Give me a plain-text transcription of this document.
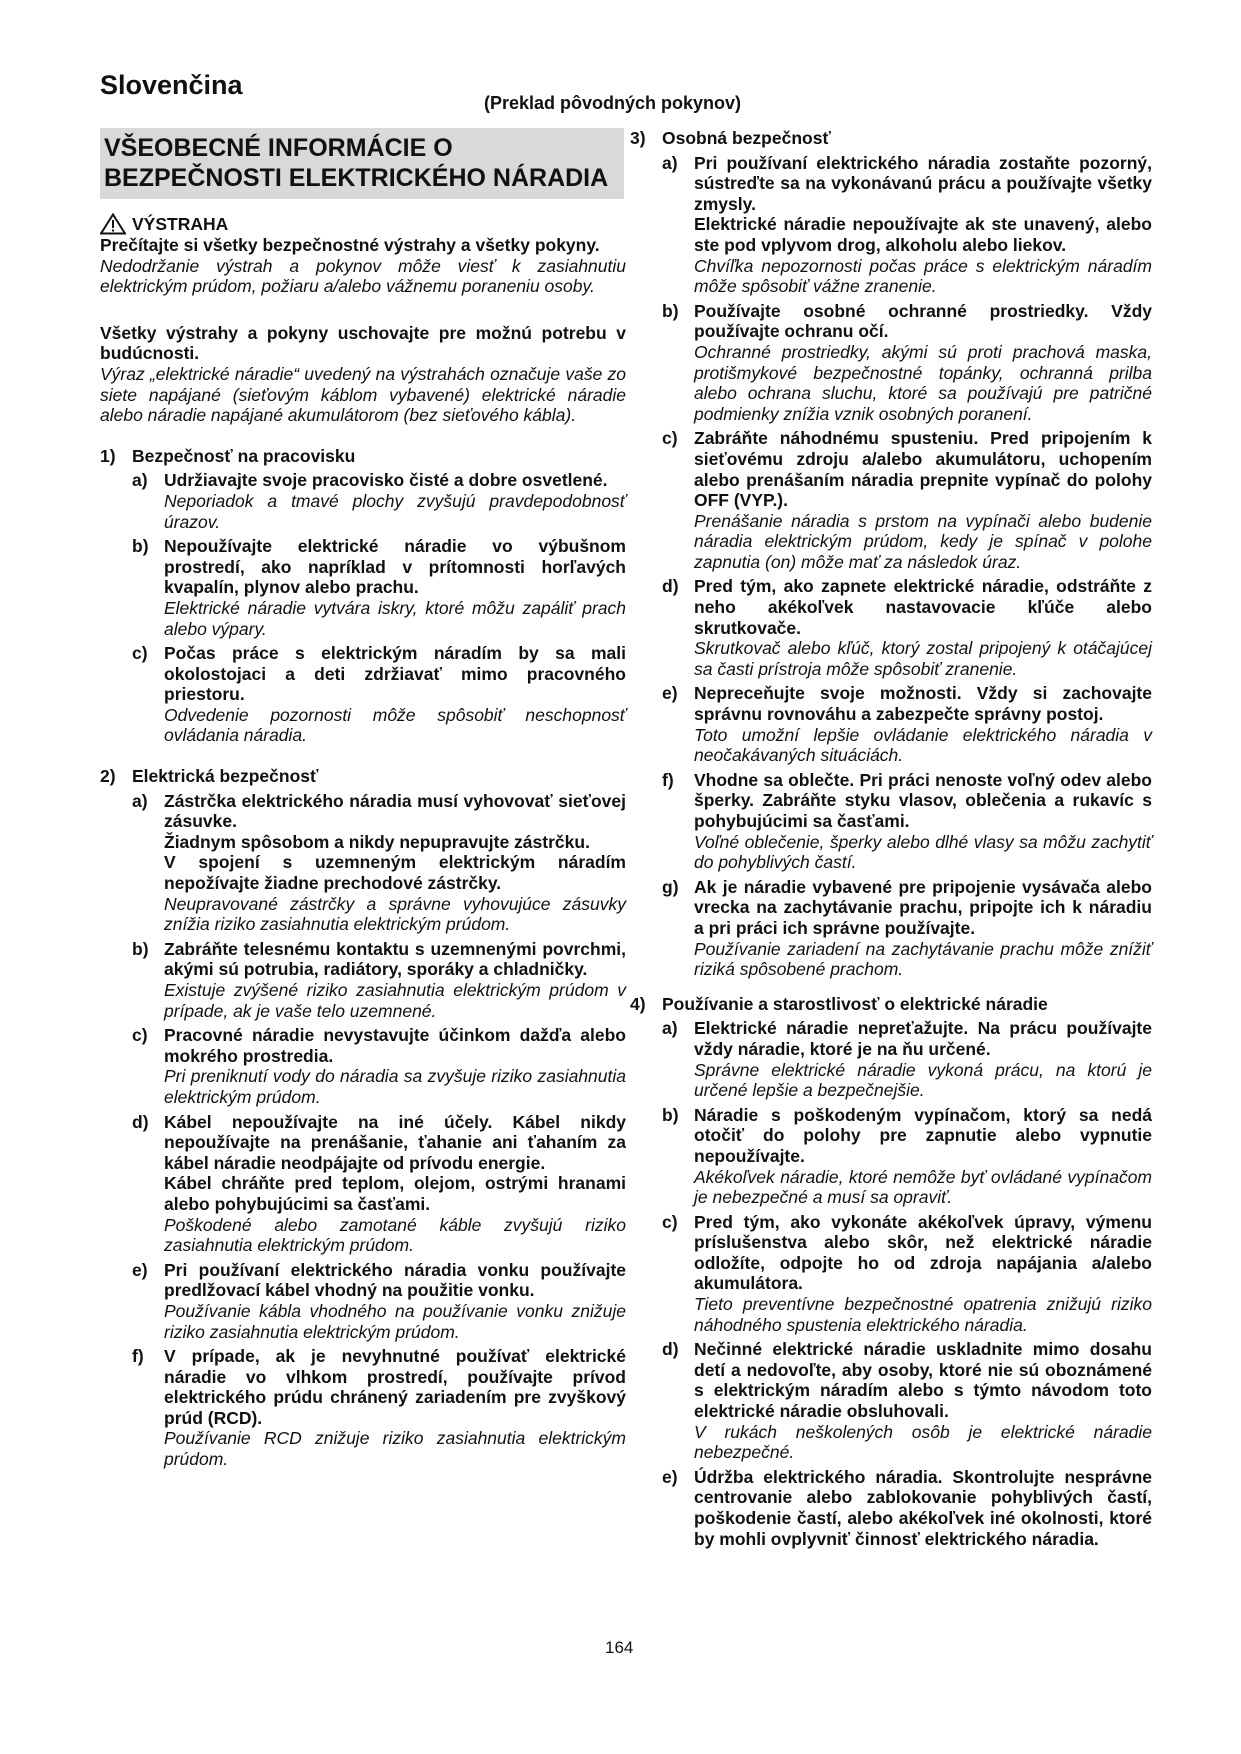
Slovenčina
(Preklad pôvodných pokynov)
VŠEOBECNÉ INFORMÁCIE O BEZPEČNOSTI ELEKTRICKÉHO NÁRADIA
VÝSTRAHA

Prečítajte si všetky bezpečnostné výstrahy a všetky pokyny.

Nedodržanie výstrah a pokynov môže viesť k zasiahnutiu elektrickým prúdom, požiaru a/alebo vážnemu poraneniu osoby.

Všetky výstrahy a pokyny uschovajte pre možnú potrebu v budúcnosti.

Výraz „elektrické náradie“ uvedený na výstrahách označuje vaše zo siete napájané (sieťovým káblom vybavené) elektrické náradie alebo náradie napájané akumulátorom (bez sieťového kábla).

1) Bezpečnosť na pracovisku
a) Udržiavajte svoje pracovisko čisté a dobre osvetlené.

Neporiadok a tmavé plochy zvyšujú pravdepodobnosť úrazov.

b) Nepoužívajte elektrické náradie vo výbušnom prostredí, ako napríklad v prítomnosti horľavých kvapalín, plynov alebo prachu.

Elektrické náradie vytvára iskry, ktoré môžu zapáliť prach alebo výpary.

c) Počas práce s elektrickým náradím by sa mali okolostojaci a deti zdržiavať mimo pracovného priestoru.

Odvedenie pozornosti môže spôsobiť neschopnosť ovládania náradia.

2) Elektrická bezpečnosť
a) Zástrčka elektrického náradia musí vyhovovať sieťovej zásuvke.

Žiadnym spôsobom a nikdy nepupravujte zástrčku.

V spojení s uzemneným elektrickým náradím nepožívajte žiadne prechodové zástrčky.

Neupravované zástrčky a správne vyhovujúce zásuvky znížia riziko zasiahnutia elektrickým prúdom.

b) Zabráňte telesnému kontaktu s uzemnenými povrchmi, akými sú potrubia, radiátory, sporáky a chladničky.

Existuje zvýšené riziko zasiahnutia elektrickým prúdom v prípade, ak je vaše telo uzemnené.

c) Pracovné náradie nevystavujte účinkom dažďa alebo mokrého prostredia.

Pri preniknutí vody do náradia sa zvyšuje riziko zasiahnutia elektrickým prúdom.

d) Kábel nepoužívajte na iné účely. Kábel nikdy nepoužívajte na prenášanie, ťahanie ani ťahaním za kábel náradie neodpájajte od prívodu energie.

Kábel chráňte pred teplom, olejom, ostrými hranami alebo pohybujúcimi sa časťami.

Poškodené alebo zamotané káble zvyšujú riziko zasiahnutia elektrickým prúdom.

e) Pri používaní elektrického náradia vonku používajte predlžovací kábel vhodný na použitie vonku.

Používanie kábla vhodného na používanie vonku znižuje riziko zasiahnutia elektrickým prúdom.

f)	V prípade, ak je nevyhnutné používať elektrické náradie vo vlhkom prostredí, používajte prívod elektrického prúdu chránený zariadením pre zvyškový prúd (RCD).

Používanie RCD znižuje riziko zasiahnutia elektrickým prúdom.

3) Osobná bezpečnosť
a) Pri používaní elektrického náradia zostaňte pozorný, sústreďte sa na vykonávanú prácu a používajte všetky zmysly.

Elektrické náradie nepoužívajte ak ste unavený, alebo ste pod vplyvom drog, alkoholu alebo liekov.

Chvíľka nepozornosti počas práce s elektrickým náradím môže spôsobiť vážne zranenie.

b) Používajte osobné ochranné prostriedky. Vždy používajte ochranu očí.

Ochranné prostriedky, akými sú proti prachová maska, protišmykové bezpečnostné topánky, ochranná prilba alebo ochrana sluchu, ktoré sa používajú pre patričné podmienky znížia vznik osobných poranení.

c) Zabráňte náhodnému spusteniu. Pred pripojením k sieťovému zdroju a/alebo akumulátoru, uchopením alebo prenášaním náradia prepnite vypínač do polohy OFF (VYP.).

Prenášanie náradia s prstom na vypínači alebo budenie náradia elektrickým prúdom, kedy je spínač v polohe zapnutia (on) môže mať za následok úraz.

d) Pred tým, ako zapnete elektrické náradie, odstráňte z neho akékoľvek nastavovacie kľúče alebo skrutkovače.

Skrutkovač alebo kľúč, ktorý zostal pripojený k otáčajúcej sa časti prístroja môže spôsobiť zranenie.

e) Nepreceňujte svoje možnosti. Vždy si zachovajte správnu rovnováhu a zabezpečte správny postoj.

Toto umožní lepšie ovládanie elektrického náradia v neočakávaných situáciách.

f)	Vhodne sa oblečte. Pri práci nenoste voľný odev alebo šperky. Zabráňte styku vlasov, oblečenia a rukavíc s pohybujúcimi sa časťami.

Voľné oblečenie, šperky alebo dlhé vlasy sa môžu zachytiť do pohyblivých častí.

g) Ak je náradie vybavené pre pripojenie vysávača alebo vrecka na zachytávanie prachu, pripojte ich k náradiu a pri práci ich správne používajte.

Používanie zariadení na zachytávanie prachu môže znížiť riziká spôsobené prachom.

4) Používanie a starostlivosť o elektrické náradie
a) Elektrické náradie nepreťažujte. Na prácu používajte vždy náradie, ktoré je na ňu určené.

Správne elektrické náradie vykoná prácu, na ktorú je určené lepšie a bezpečnejšie.

b) Náradie s poškodeným vypínačom, ktorý sa nedá otočiť do polohy pre zapnutie alebo vypnutie nepoužívajte.

Akékoľvek náradie, ktoré nemôže byť ovládané vypínačom je nebezpečné a musí sa opraviť.

c) Pred tým, ako vykonáte akékoľvek úpravy, výmenu príslušenstva alebo skôr, než elektrické náradie odložíte, odpojte ho od zdroja napájania a/alebo akumulátora.

Tieto preventívne bezpečnostné opatrenia znižujú riziko náhodného spustenia elektrického náradia.

d) Nečinné elektrické náradie uskladnite mimo dosahu detí a nedovoľte, aby osoby, ktoré nie sú oboznámené s elektrickým náradím alebo s týmto návodom toto elektrické náradie obsluhovali.

V rukách neškolených osôb je elektrické náradie nebezpečné.

e) Údržba elektrického náradia. Skontrolujte nesprávne centrovanie alebo zablokovanie pohyblivých častí, poškodenie častí, alebo akékoľvek iné okolnosti, ktoré by mohli ovplyvniť činnosť elektrického náradia.

164
